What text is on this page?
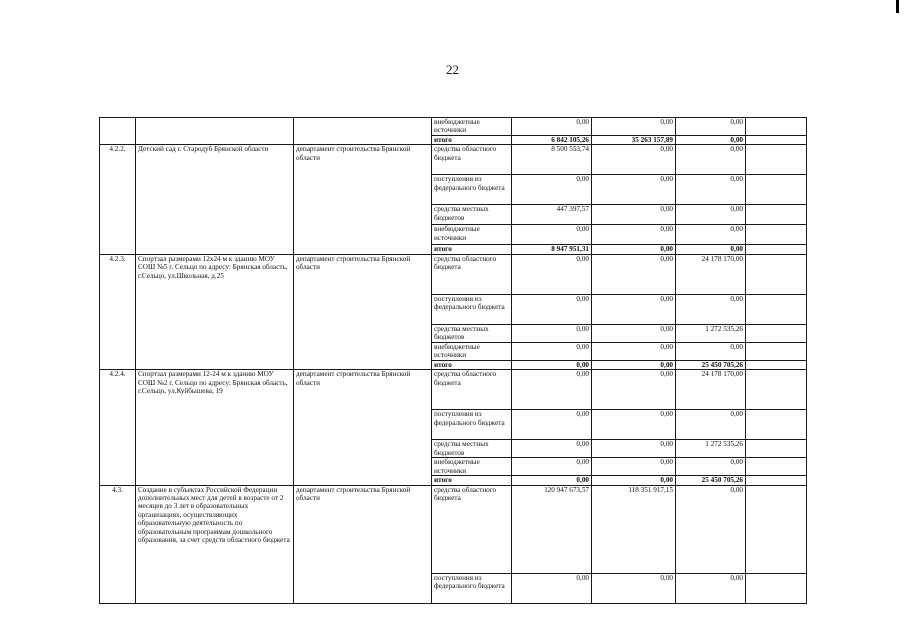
22
			внебюджетные источники	0,00	0,00	0,00	
			итого	6 842 105,26	35 263 157,89	0,00	
4.2.2.	Детский сад г. Стародуб Брянской области	департамент строительства Брянской области	средства областного бюджета	8 500 553,74	0,00	0,00	
			поступления из федерального бюджета	0,00	0,00	0,00	
			средства местных бюджетов	447 397,57	0,00	0,00	
			внебюджетные источники	0,00	0,00	0,00	
			итого	8 947 951,31	0,00	0,00	
4.2.3.	Спортзал размерами 12х24 м к зданию МОУ СОШ №5 г. Сельцо по адресу: Брянская область, г.Сельцо, ул.Школьная, д.25	департамент строительства Брянской области	средства областного бюджета	0,00	0,00	24 178 170,00	
			поступления из федерального бюджета	0,00	0,00	0,00	
			средства местных бюджетов	0,00	0,00	1 272 535,26	
			внебюджетные источники	0,00	0,00	0,00	
			итого	0,00	0,00	25 450 705,26	
4.2.4.	Спортзал размерами 12-24 м к зданию МОУ СОШ №2 г. Сельцо по адресу: Брянская область, г.Сельцо, ул.Куйбышева, 19	департамент строительства Брянской области	средства областного бюджета	0,00	0,00	24 178 170,00	
			поступления из федерального бюджета	0,00	0,00	0,00	
			средства местных бюджетов	0,00	0,00	1 272 535,26	
			внебюджетные источники	0,00	0,00	0,00	
			итого	0,00	0,00	25 450 705,26	
4.3.	Создание в субъектах Российской Федерации дополнительных мест для детей в возрасте от 2 месяцев до 3 лет в образовательных организациях, осуществляющих образовательную деятельность по образовательным программам дошкольного образования, за счет средств областного бюджета	департамент строительства Брянской области	средства областного бюджета	120 947 673,57	118 351 917,15	0,00	
			поступления из федерального бюджета	0,00	0,00	0,00	
